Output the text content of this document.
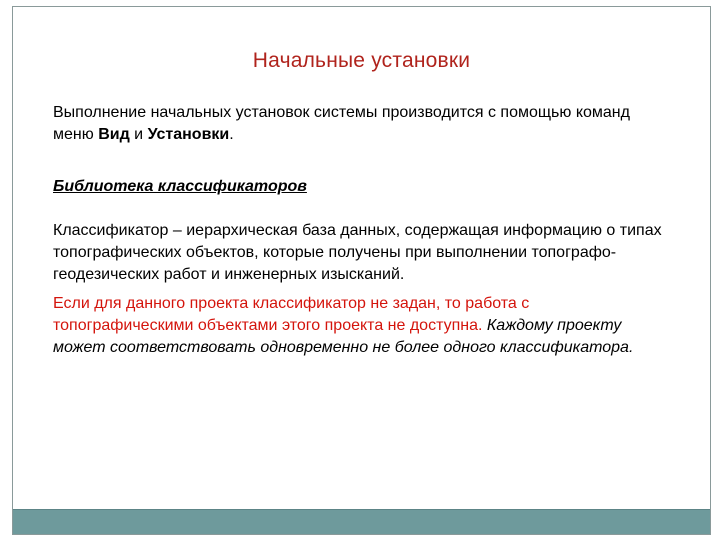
Начальные установки

Выполнение начальных установок системы производится с помощью команд меню Вид и Установки.

Библиотека классификаторов

Классификатор – иерархическая база данных, содержащая информацию о типах топографических объектов, которые получены при выполнении топографо-геодезических работ и инженерных изысканий.

Если для данного проекта классификатор не задан, то работа с топографическими объектами этого проекта не доступна. Каждому проекту может соответствовать одновременно не более одного классификатора.
